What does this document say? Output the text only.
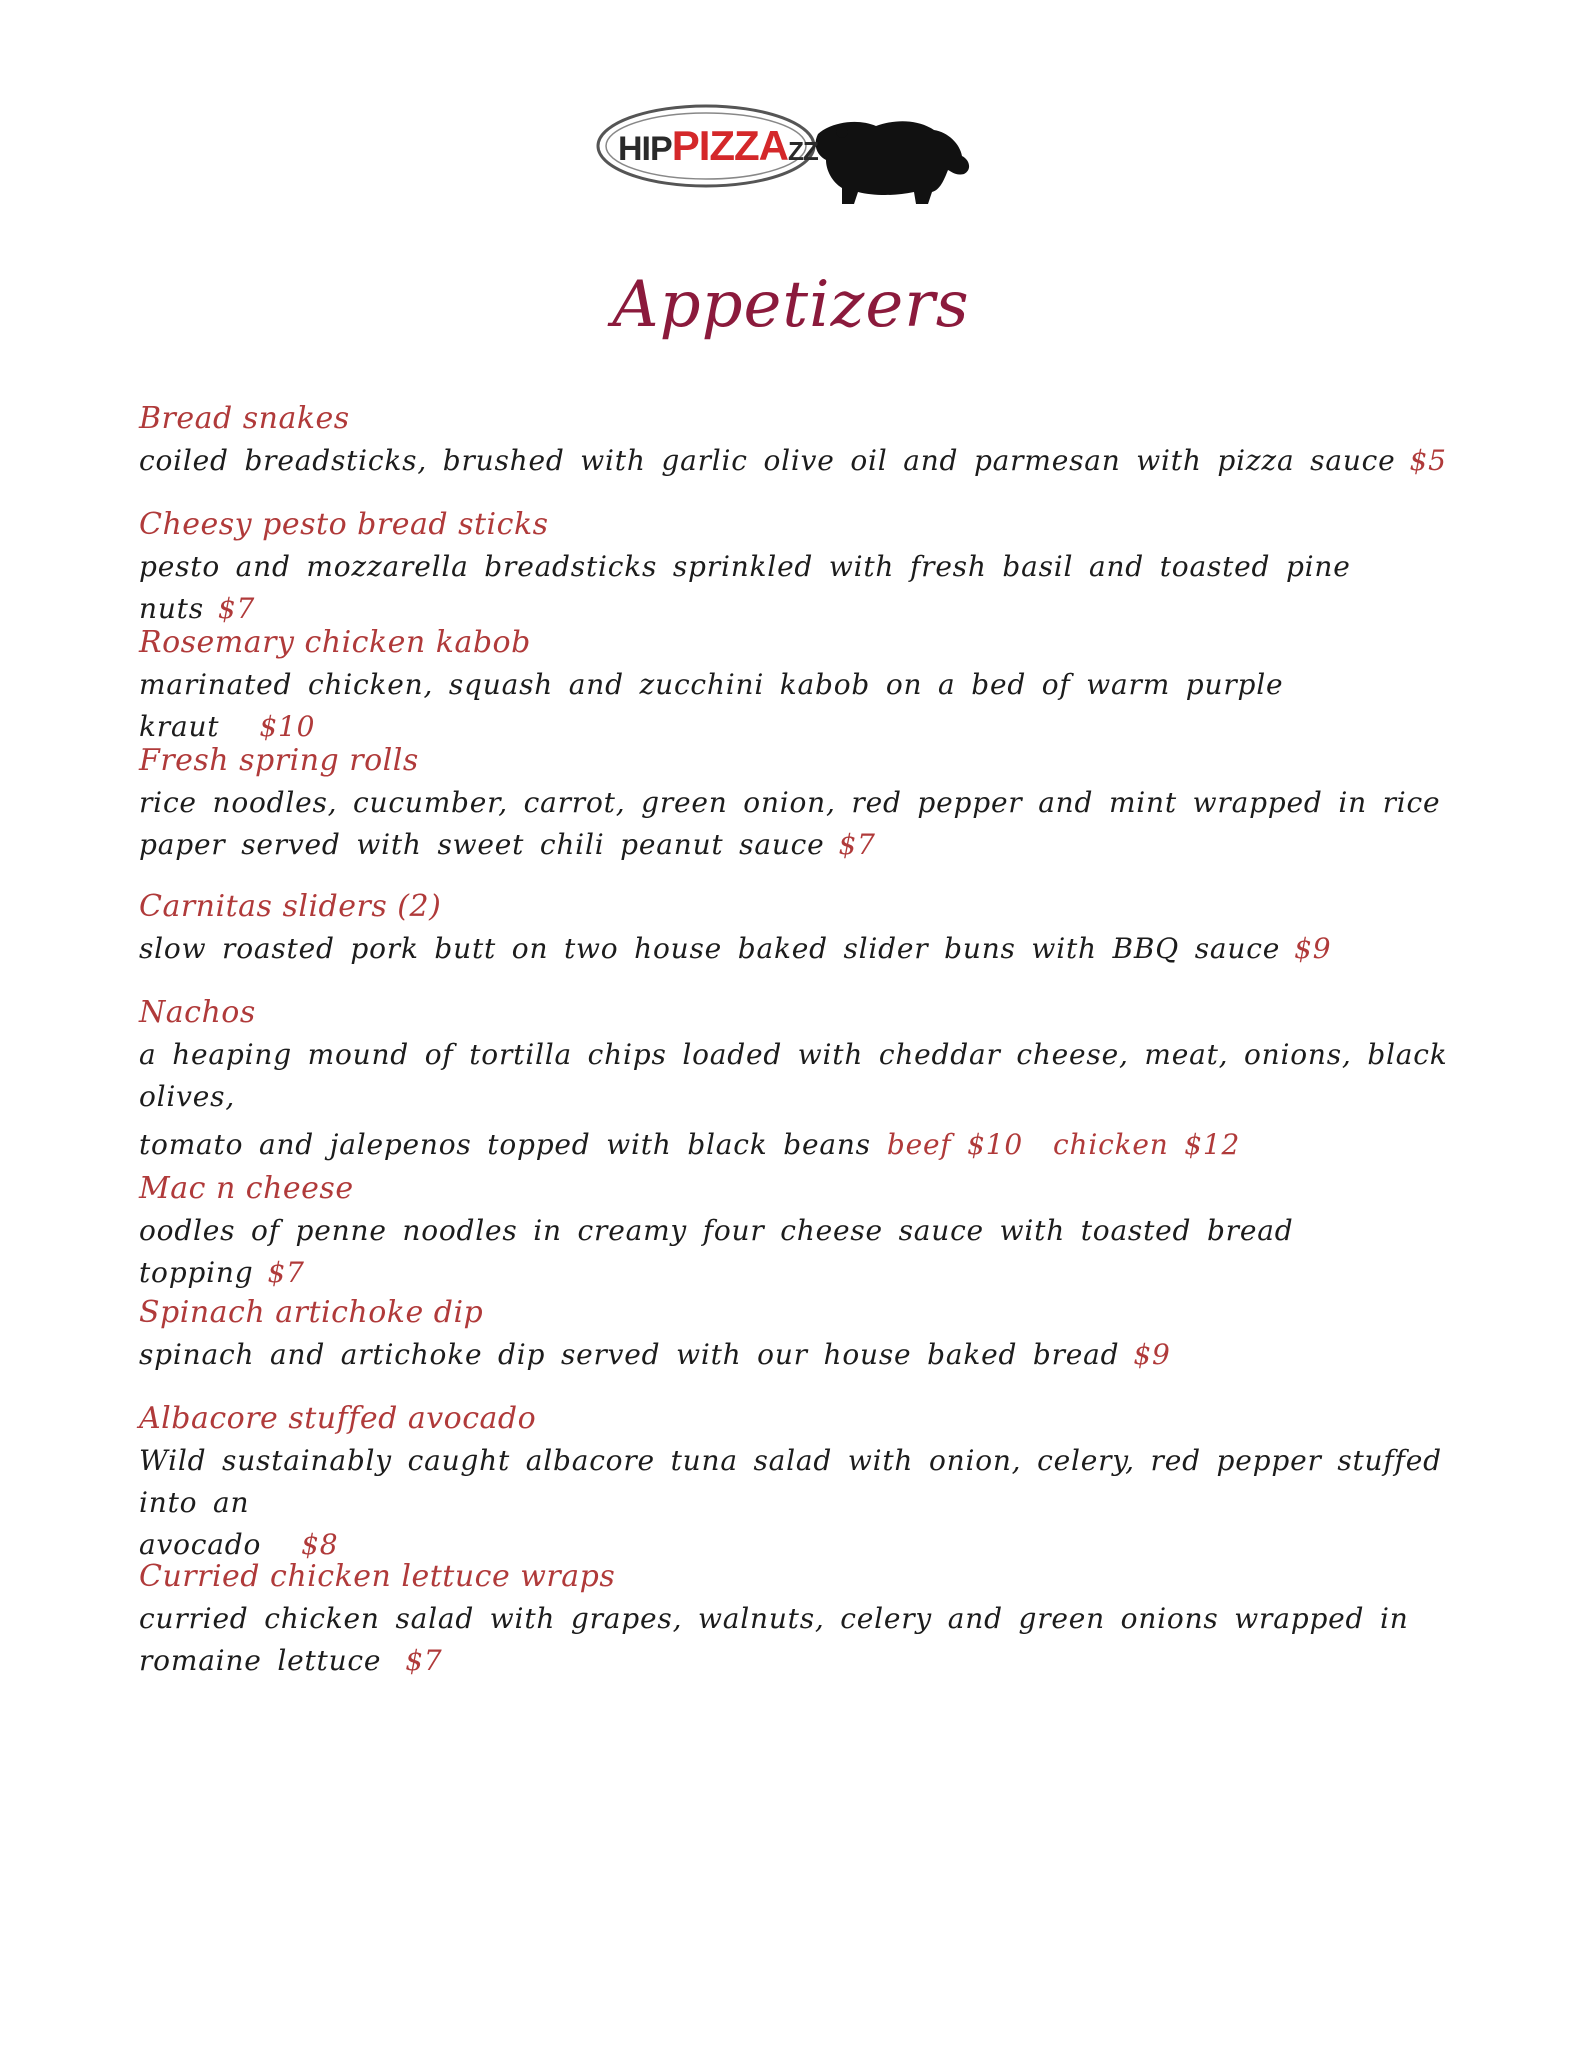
HIPPIZZAZZ
Appetizers
Bread snakes
coiled breadsticks, brushed with garlic olive oil and parmesan with pizza sauce $5
Cheesy pesto bread sticks
pesto and mozzarella breadsticks sprinkled with fresh basil and toasted pine nuts $7
Rosemary chicken kabob
marinated chicken, squash and zucchini kabob on a bed of warm purple kraut $10
Fresh spring rolls
rice noodles, cucumber, carrot, green onion, red pepper and mint wrapped in rice paper served with sweet chili peanut sauce $7
Carnitas sliders (2)
slow roasted pork butt on two house baked slider buns with BBQ sauce $9
Nachos
a heaping mound of tortilla chips loaded with cheddar cheese, meat, onions, black olives,
tomato and jalepenos topped with black beans beef $10 chicken $12
Mac n cheese
oodles of penne noodles in creamy four cheese sauce with toasted bread topping $7
Spinach artichoke dip
spinach and artichoke dip served with our house baked bread $9
Albacore stuffed avocado
Wild sustainably caught albacore tuna salad with onion, celery, red pepper stuffed into an
avocado $8
Curried chicken lettuce wraps
curried chicken salad with grapes, walnuts, celery and green onions wrapped in
romaine lettuce $7
